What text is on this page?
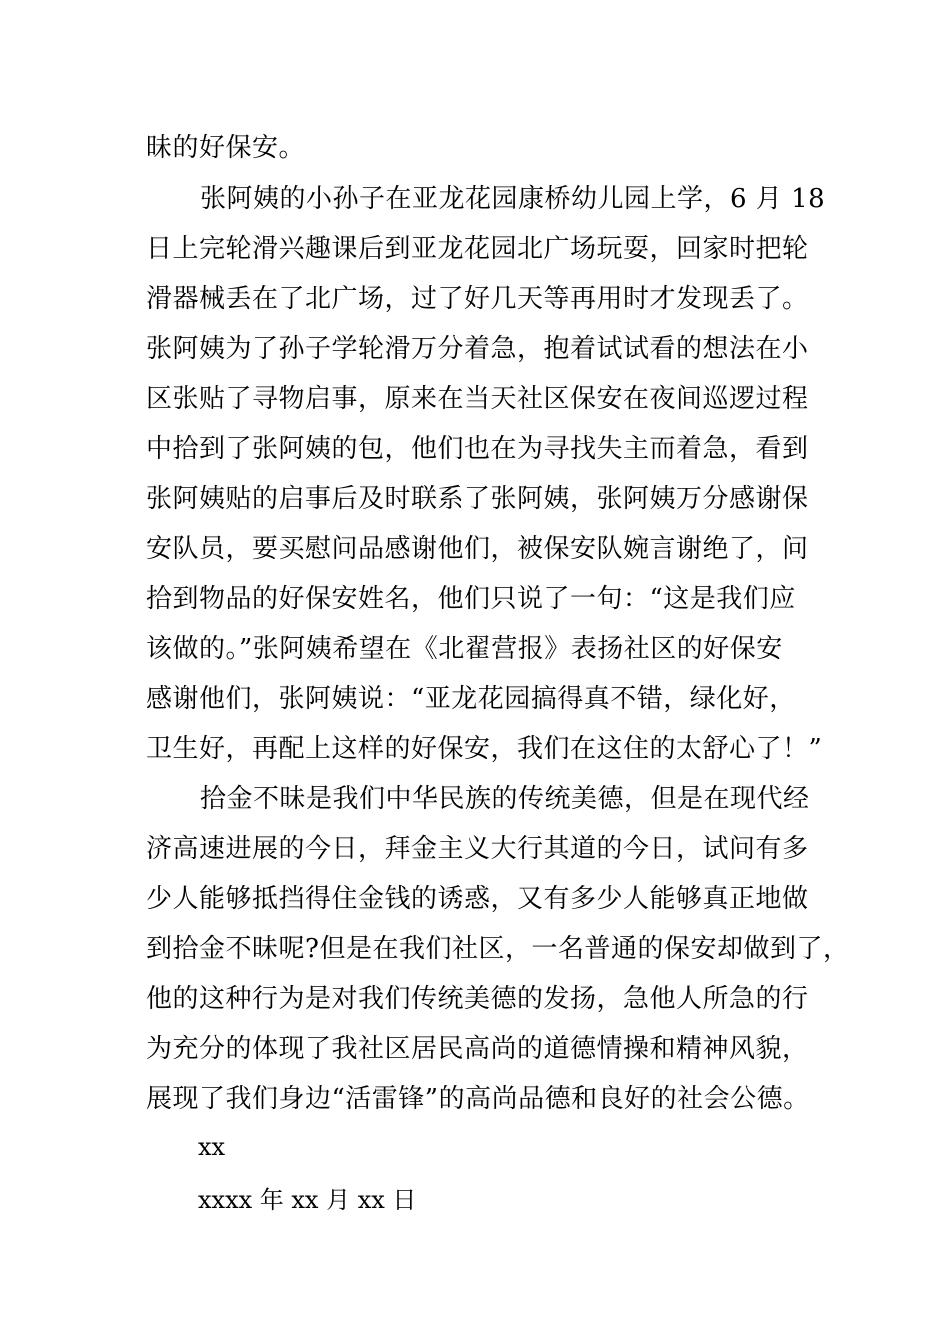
昧的好保安。
张阿姨的小孙子在亚龙花园康桥幼儿园上学，6 月 18
日上完轮滑兴趣课后到亚龙花园北广场玩耍，回家时把轮
滑器械丢在了北广场，过了好几天等再用时才发现丢了。
张阿姨为了孙子学轮滑万分着急，抱着试试看的想法在小
区张贴了寻物启事，原来在当天社区保安在夜间巡逻过程
中拾到了张阿姨的包，他们也在为寻找失主而着急，看到
张阿姨贴的启事后及时联系了张阿姨，张阿姨万分感谢保
安队员，要买慰问品感谢他们，被保安队婉言谢绝了，问
拾到物品的好保安姓名，他们只说了一句：“这是我们应
该做的。”张阿姨希望在《北翟营报》表扬社区的好保安
感谢他们，张阿姨说：“亚龙花园搞得真不错，绿化好，
卫生好，再配上这样的好保安，我们在这住的太舒心了！”
拾金不昧是我们中华民族的传统美德，但是在现代经
济高速进展的今日，拜金主义大行其道的今日，试问有多
少人能够抵挡得住金钱的诱惑，又有多少人能够真正地做
到拾金不昧呢?但是在我们社区，一名普通的保安却做到了，
他的这种行为是对我们传统美德的发扬，急他人所急的行
为充分的体现了我社区居民高尚的道德情操和精神风貌，
展现了我们身边“活雷锋”的高尚品德和良好的社会公德。
xx
xxxx 年 xx 月 xx 日
